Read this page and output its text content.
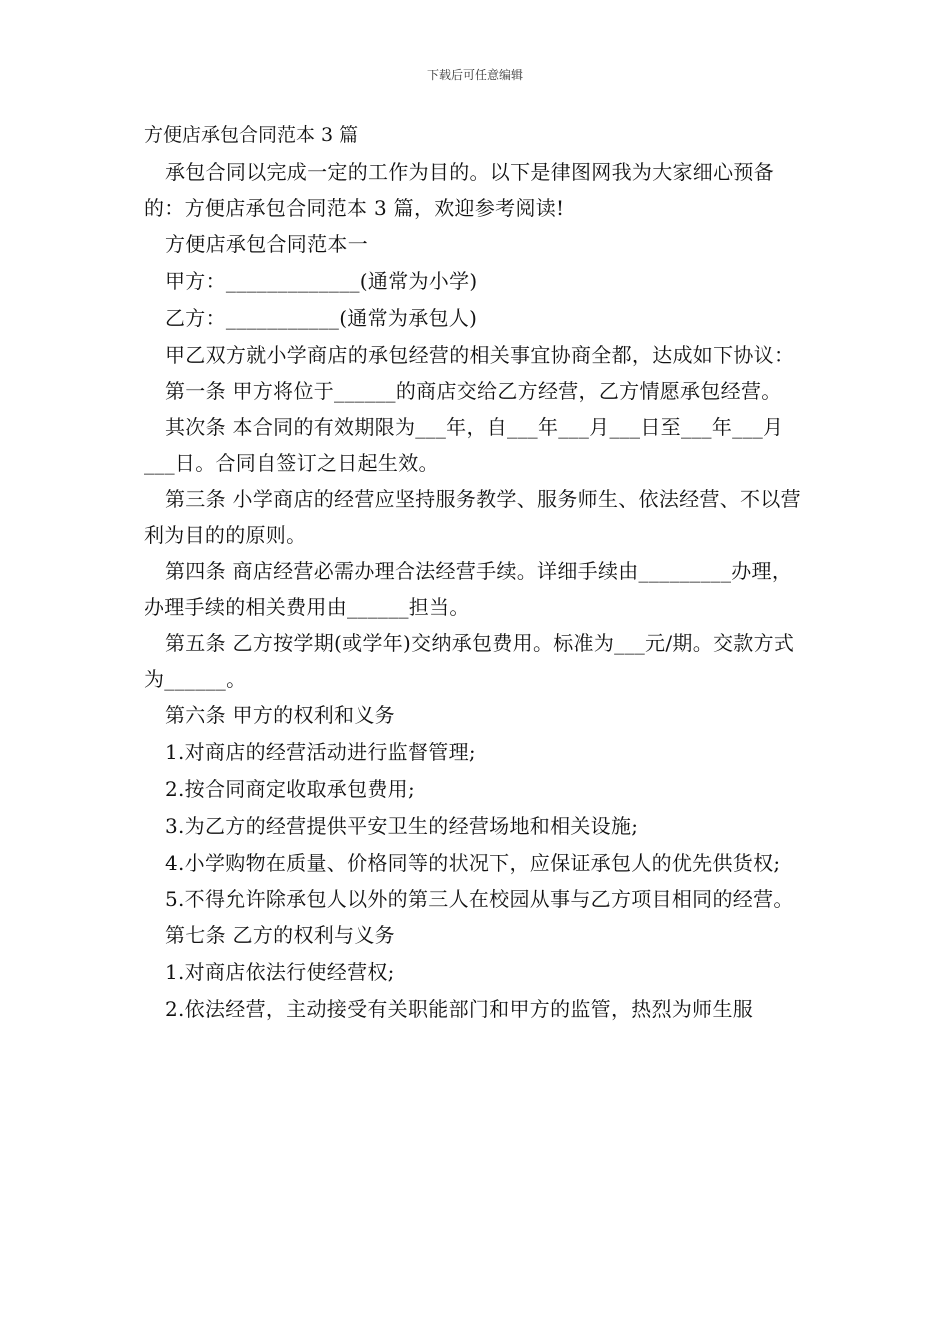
下载后可任意编辑
方便店承包合同范本 3 篇

承包合同以完成一定的工作为目的。以下是律图网我为大家细心预备的：方便店承包合同范本 3 篇，欢迎参考阅读!

方便店承包合同范本一

甲方：_____________(通常为小学)

乙方：___________(通常为承包人)

甲乙双方就小学商店的承包经营的相关事宜协商全都，达成如下协议：

第一条 甲方将位于______的商店交给乙方经营，乙方情愿承包经营。

其次条 本合同的有效期限为___年，自___年___月___日至___年___月___日。合同自签订之日起生效。

第三条 小学商店的经营应坚持服务教学、服务师生、依法经营、不以营利为目的的原则。

第四条 商店经营必需办理合法经营手续。详细手续由_________办理，办理手续的相关费用由______担当。

第五条 乙方按学期(或学年)交纳承包费用。标准为___元/期。交款方式为______。

第六条 甲方的权利和义务

1.对商店的经营活动进行监督管理;

2.按合同商定收取承包费用;

3.为乙方的经营提供平安卫生的经营场地和相关设施;

4.小学购物在质量、价格同等的状况下，应保证承包人的优先供货权;

5.不得允许除承包人以外的第三人在校园从事与乙方项目相同的经营。

第七条 乙方的权利与义务

1.对商店依法行使经营权;

2.依法经营，主动接受有关职能部门和甲方的监管，热烈为师生服
